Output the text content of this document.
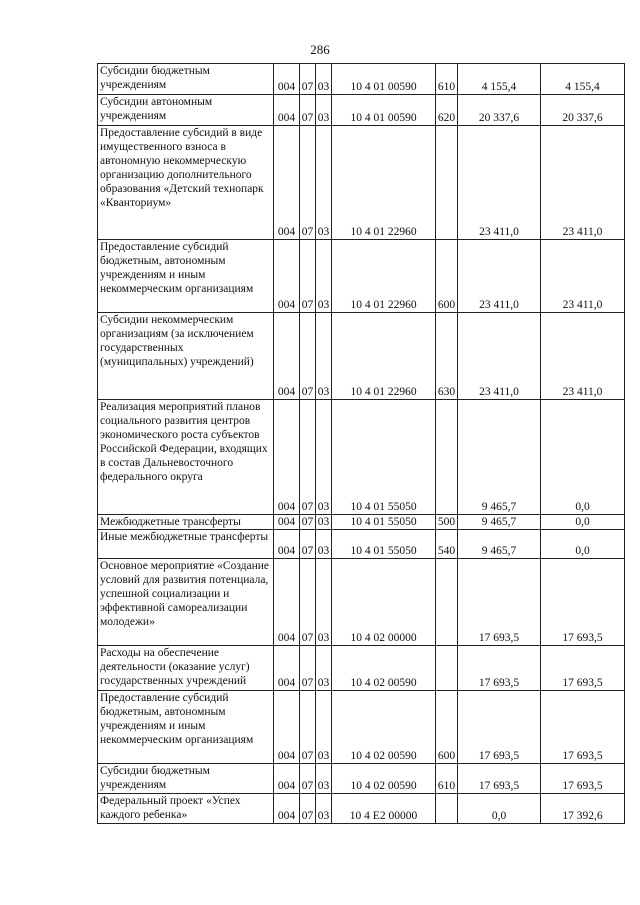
286
Субсидии бюджетным учреждениям	004	07	03	10 4 01 00590	610	4 155,4	4 155,4
Субсидии автономным учреждениям	004	07	03	10 4 01 00590	620	20 337,6	20 337,6
Предоставление субсидий в виде имущественного взноса в автономную некоммерческую организацию дополнительного образования «Детский технопарк «Кванториум»	004	07	03	10 4 01 22960		23 411,0	23 411,0
Предоставление субсидий бюджетным, автономным учреждениям и иным некоммерческим организациям	004	07	03	10 4 01 22960	600	23 411,0	23 411,0
Субсидии некоммерческим организациям (за исключением государственных (муниципальных) учреждений)	004	07	03	10 4 01 22960	630	23 411,0	23 411,0
Реализация мероприятий планов социального развития центров экономического роста субъектов Российской Федерации, входящих в состав Дальневосточного федерального округа	004	07	03	10 4 01 55050		9 465,7	0,0
Межбюджетные трансферты	004	07	03	10 4 01 55050	500	9 465,7	0,0
Иные межбюджетные трансферты	004	07	03	10 4 01 55050	540	9 465,7	0,0
Основное мероприятие «Создание условий для развития потенциала, успешной социализации и эффективной самореализации молодежи»	004	07	03	10 4 02 00000		17 693,5	17 693,5
Расходы на обеспечение деятельности (оказание услуг) государственных учреждений	004	07	03	10 4 02 00590		17 693,5	17 693,5
Предоставление субсидий бюджетным, автономным учреждениям и иным некоммерческим организациям	004	07	03	10 4 02 00590	600	17 693,5	17 693,5
Субсидии бюджетным учреждениям	004	07	03	10 4 02 00590	610	17 693,5	17 693,5
Федеральный проект «Успех каждого ребенка»	004	07	03	10 4 E2 00000		0,0	17 392,6
